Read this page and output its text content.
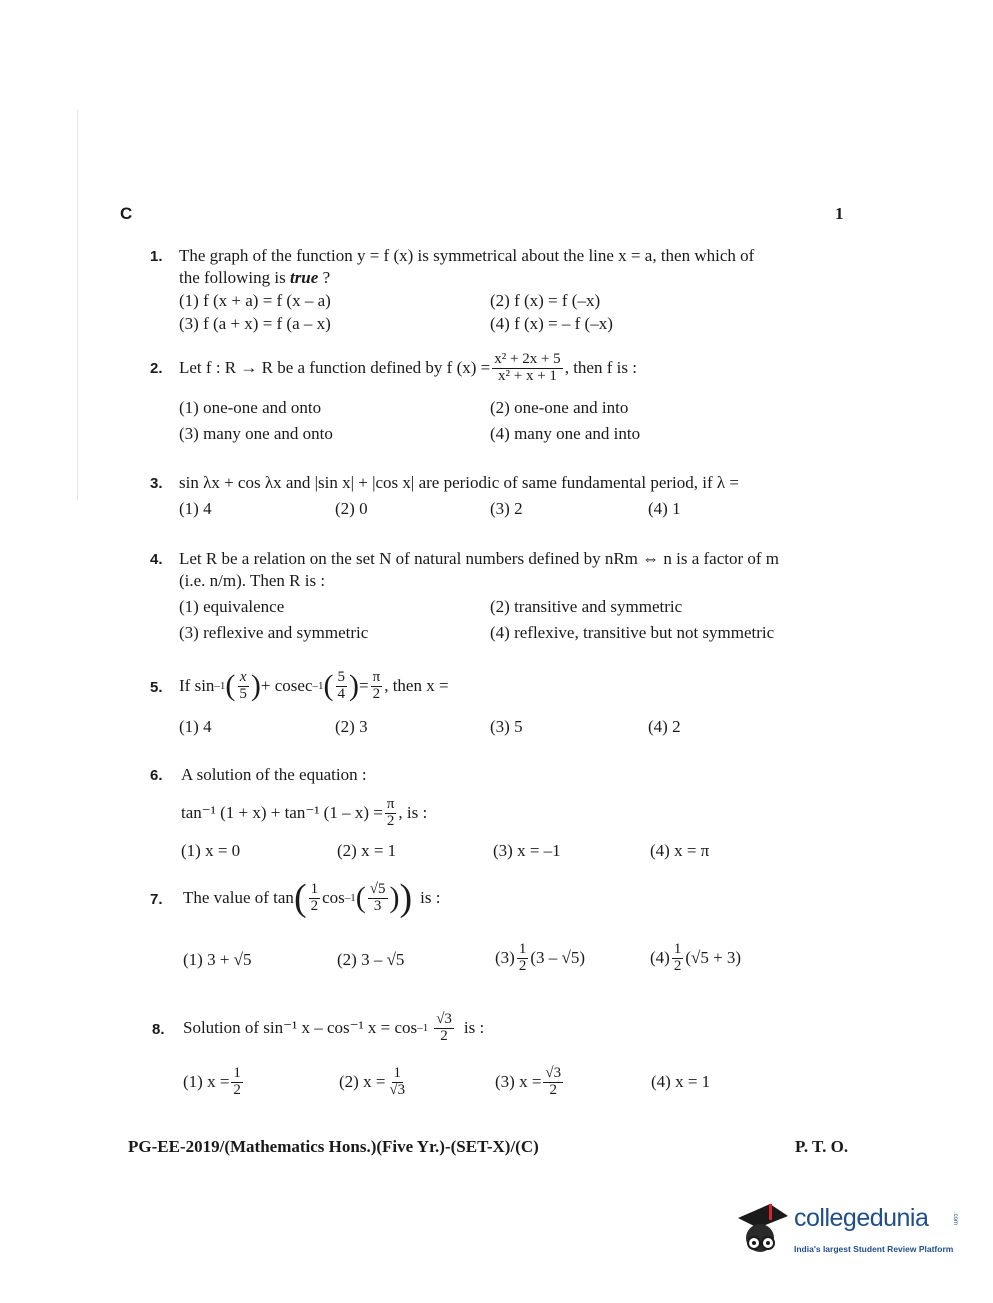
C	1
1. The graph of the function y = f (x) is symmetrical about the line x = a, then which of
the following is true ?
(1) f (x + a) = f (x – a)	(2) f (x) = f (–x)
(3) f (a + x) = f (a – x)	(4) f (x) = – f (–x)
2. Let f : R → R be a function defined by f $(x) = \frac{\text{x² + 2x + 5}}{\text{x² + x + 1}}$ , then f is :
(1) one-one and onto	(2) one-one and into
(3) many one and onto	(4) many one and into
3. sin λx + cos λx and |sin x| + |cos x| are periodic of same fundamental period, if λ =
(1) 4	(2) 0	(3) 2	(4) 1
4. Let R be a relation on the set N of natural numbers defined by nRm ⇔ n is a factor of m
(i.e. n/m). Then R is :
(1) equivalence	(2) transitive and symmetric
(3) reflexive and symmetric	(4) reflexive, transitive but not symmetric
5. If sin –1 ( $\frac{x}{5}$ ) + cosec –1 ( $\frac{5}{4}$ ) = $\frac{\pi}{2}$ , then x =
(1) 4	(2) 3	(3) 5	(4) 2
6. A solution of the equation :
tan⁻¹ (1 + x) + tan⁻¹ $(1 - x) = \frac{\pi}{2}$ , is :
(1) x = 0	(2) x = 1	(3) x = –1	(4) x = π
7. The value of tan ( $\frac{1}{2}$ cos –1 ( $\frac{√5}{3}$ ) ) is :
(1) 3 + √5	(2) 3 – √5	$(3) \frac{1}{2} (3 - √5)$	$(4) \frac{1}{2} (√5 + 3)$
8. Solution of sin⁻¹ x – cos⁻¹ $x = \cos -1 \frac{√3}{2}$ is :
(1) $x = \frac{1}{2}$	(2) $x = \frac{1}{√3}$	(3) $x = \frac{√3}{2}$	(4) x = 1
PG-EE-2019/(Mathematics Hons.)(Five Yr.)-(SET-X)/(C)	P. T. O.
collegedunia	.com
India's largest Student Review Platform
